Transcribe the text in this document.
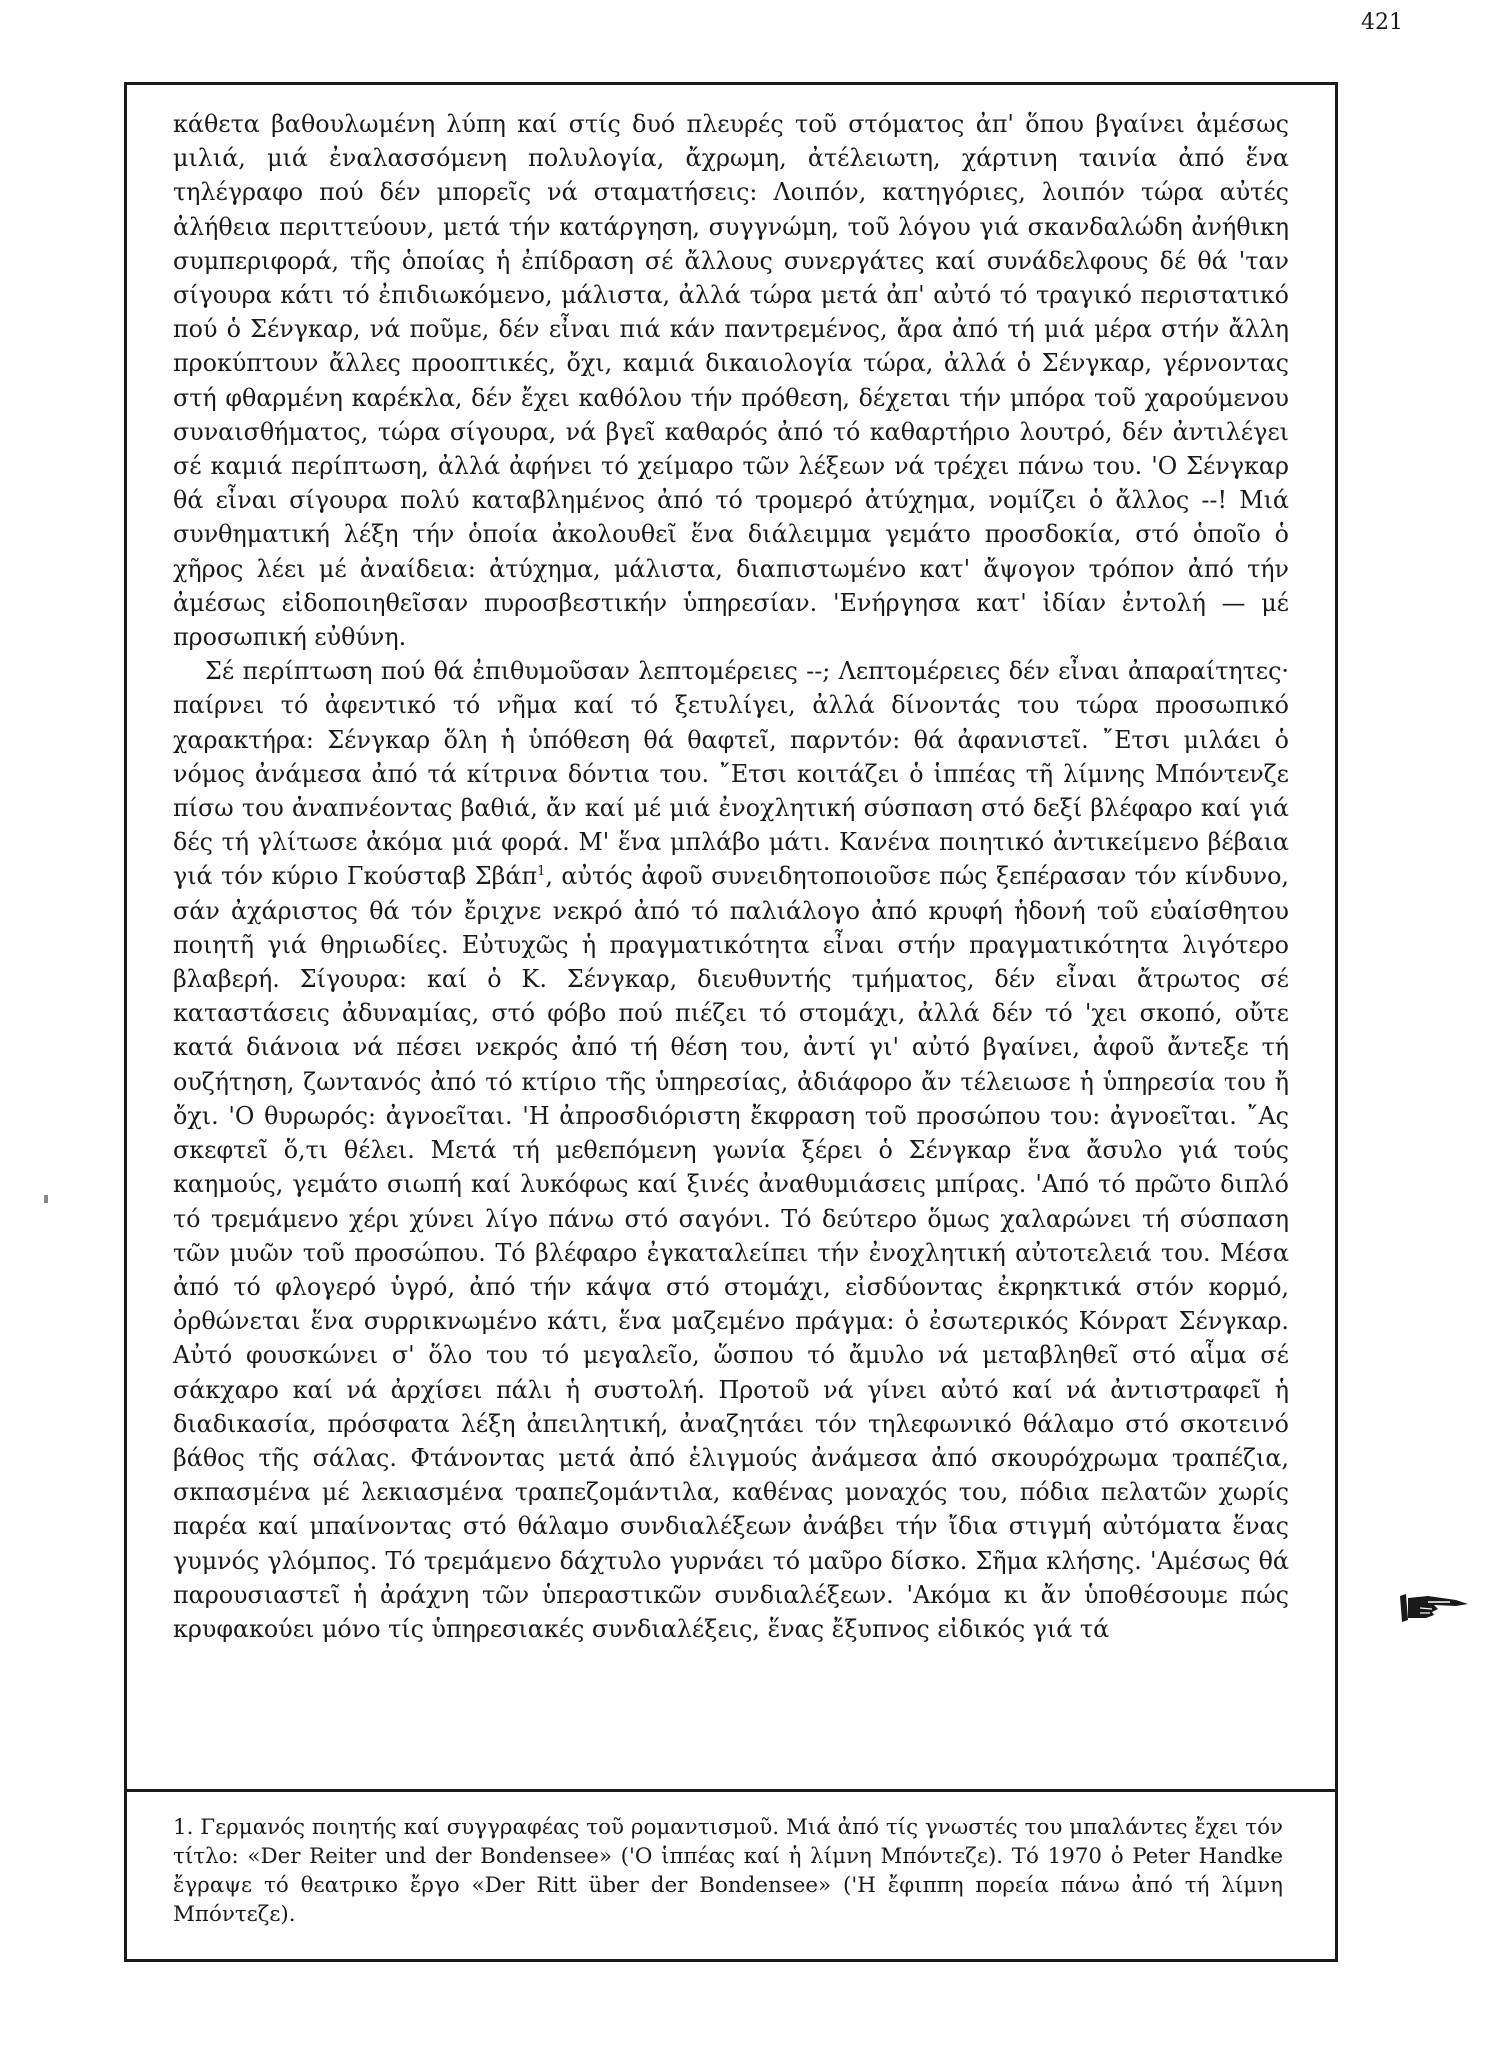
421

κάθετα βαθουλωμένη λύπη καί στίς δυό πλευρές τοῦ στόματος ἀπ' ὅπου βγαίνει ἀμέσως μιλιά, μιά ἐναλασσόμενη πολυλογία, ἄχρωμη, ἀτέλειωτη, χάρτινη ταινία ἀπό ἕνα τηλέγραφο πού δέν μπορεῖς νά σταματήσεις: Λοιπόν, κατηγόριες, λοιπόν τώρα αὐτές ἀλήθεια περιττεύουν, μετά τήν κατάργηση, συγγνώμη, τοῦ λόγου γιά σκανδαλώδη ἀνήθικη συμπεριφορά, τῆς ὁποίας ἡ ἐπίδραση σέ ἄλλους συνεργάτες καί συνάδελφους δέ θά 'ταν σίγουρα κάτι τό ἐπιδιωκόμενο, μάλιστα, ἀλλά τώρα μετά ἀπ' αὐτό τό τραγικό περιστατικό πού ὁ Σένγκαρ, νά ποῦμε, δέν εἶναι πιά κάν παντρεμένος, ἄρα ἀπό τή μιά μέρα στήν ἄλλη προκύπτουν ἄλλες προοπτικές, ὄχι, καμιά δικαιολογία τώρα, ἀλλά ὁ Σένγκαρ, γέρνοντας στή φθαρμένη καρέκλα, δέν ἔχει καθόλου τήν πρόθεση, δέχεται τήν μπόρα τοῦ χαρούμενου συναισθήματος, τώρα σίγουρα, νά βγεῖ καθαρός ἀπό τό καθαρτήριο λουτρό, δέν ἀντιλέγει σέ καμιά περίπτωση, ἀλλά ἀφήνει τό χείμαρο τῶν λέξεων νά τρέχει πάνω του. 'Ο Σένγκαρ θά εἶναι σίγουρα πολύ καταβλημένος ἀπό τό τρομερό ἀτύχημα, νομίζει ὁ ἄλλος --! Μιά συνθηματική λέξη τήν ὁποία ἀκολουθεῖ ἕνα διάλειμμα γεμάτο προσδοκία, στό ὁποῖο ὁ χῆρος λέει μέ ἀναίδεια: ἀτύχημα, μάλιστα, διαπιστωμένο κατ' ἄψογον τρόπον ἀπό τήν ἀμέσως εἰδοποιηθεῖσαν πυροσβεστικήν ὑπηρεσίαν. 'Ενήργησα κατ' ἰδίαν ἐντολή — μέ προσωπική εὐθύνη.

Σέ περίπτωση πού θά ἐπιθυμοῦσαν λεπτομέρειες --; Λεπτομέρειες δέν εἶναι ἀπαραίτητες· παίρνει τό ἀφεντικό τό νῆμα καί τό ξετυλίγει, ἀλλά δίνοντάς του τώρα προσωπικό χαρακτήρα: Σένγκαρ ὅλη ἡ ὑπόθεση θά θαφτεῖ, παρντόν: θά ἀφανιστεῖ. ῎Ετσι μιλάει ὁ νόμος ἀνάμεσα ἀπό τά κίτρινα δόντια του. ῎Ετσι κοιτάζει ὁ ἱππέας τῆ λίμνης Μπόντενζε πίσω του ἀναπνέοντας βαθιά, ἄν καί μέ μιά ἐνοχλητική σύσπαση στό δεξί βλέφαρο καί γιά δές τή γλίτωσε ἀκόμα μιά φορά. Μ' ἕνα μπλάβο μάτι. Κανένα ποιητικό ἀντικείμενο βέβαια γιά τόν κύριο Γκούσταβ Σβάπ$^1$, αὐτός ἀφοῦ συνειδητοποιοῦσε πώς ξεπέρασαν τόν κίνδυνο, σάν ἀχάριστος θά τόν ἔριχνε νεκρό ἀπό τό παλιάλογο ἀπό κρυφή ἡδονή τοῦ εὐαίσθητου ποιητῆ γιά θηριωδίες. Εὐτυχῶς ἡ πραγματικότητα εἶναι στήν πραγματικότητα λιγότερο βλαβερή. Σίγουρα: καί ὁ Κ. Σένγκαρ, διευθυντής τμήματος, δέν εἶναι ἄτρωτος σέ καταστάσεις ἀδυναμίας, στό φόβο πού πιέζει τό στομάχι, ἀλλά δέν τό 'χει σκοπό, οὔτε κατά διάνοια νά πέσει νεκρός ἀπό τή θέση του, ἀντί γι' αὐτό βγαίνει, ἀφοῦ ἄντεξε τή ουζήτηση, ζωντανός ἀπό τό κτίριο τῆς ὑπηρεσίας, ἀδιάφορο ἄν τέλειωσε ἡ ὑπηρεσία του ἤ ὄχι. 'Ο θυρωρός: ἀγνοεῖται. 'Η ἀπροσδιόριστη ἔκφραση τοῦ προσώπου του: ἀγνοεῖται. ῎Ας σκεφτεῖ ὅ,τι θέλει. Μετά τή μεθεπόμενη γωνία ξέρει ὁ Σένγκαρ ἕνα ἄσυλο γιά τούς καημούς, γεμάτο σιωπή καί λυκόφως καί ξινές ἀναθυμιάσεις μπίρας. 'Από τό πρῶτο διπλό τό τρεμάμενο χέρι χύνει λίγο πάνω στό σαγόνι. Τό δεύτερο ὅμως χαλαρώνει τή σύσπαση τῶν μυῶν τοῦ προσώπου. Τό βλέφαρο ἐγκαταλείπει τήν ἐνοχλητική αὐτοτελειά του. Μέσα ἀπό τό φλογερό ὑγρό, ἀπό τήν κάψα στό στομάχι, εἰσδύοντας ἐκρηκτικά στόν κορμό, ὀρθώνεται ἕνα συρρικνωμένο κάτι, ἕνα μαζεμένο πράγμα: ὁ ἐσωτερικός Κόνρατ Σένγκαρ. Αὐτό φουσκώνει σ' ὅλο του τό μεγαλεῖο, ὥσπου τό ἄμυλο νά μεταβληθεῖ στό αἷμα σέ σάκχαρο καί νά ἀρχίσει πάλι ἡ συστολή. Προτοῦ νά γίνει αὐτό καί νά ἀντιστραφεῖ ἡ διαδικασία, πρόσφατα λέξη ἀπειλητική, ἀναζητάει τόν τηλεφωνικό θάλαμο στό σκοτεινό βάθος τῆς σάλας. Φτάνοντας μετά ἀπό ἑλιγμούς ἀνάμεσα ἀπό σκουρόχρωμα τραπέζια, σκπασμένα μέ λεκιασμένα τραπεζομάντιλα, καθένας μοναχός του, πόδια πελατῶν χωρίς παρέα καί μπαίνοντας στό θάλαμο συνδιαλέξεων ἀνάβει τήν ἴδια στιγμή αὐτόματα ἕνας γυμνός γλόμπος. Τό τρεμάμενο δάχτυλο γυρνάει τό μαῦρο δίσκο. Σῆμα κλήσης. 'Αμέσως θά παρουσιαστεῖ ἡ ἀράχνη τῶν ὑπεραστικῶν συνδιαλέξεων. 'Ακόμα κι ἄν ὑποθέσουμε πώς κρυφακούει μόνο τίς ὑπηρεσιακές συνδιαλέξεις, ἕνας ἔξυπνος εἰδικός γιά τά

1. Γερμανός ποιητής καί συγγραφέας τοῦ ρομαντισμοῦ. Μιά ἀπό τίς γνωστές του μπαλάντες ἔχει τόν τίτλο: «Der Reiter und der Bondensee» ('Ο ἱππέας καί ἡ λίμνη Μπόντεζε). Τό 1970 ὁ Peter Handke ἔγραψε τό θεατρικο ἔργο «Der Ritt über der Bondensee» ('Η ἔφιππη πορεία πάνω ἀπό τή λίμνη Μπόντεζε).
